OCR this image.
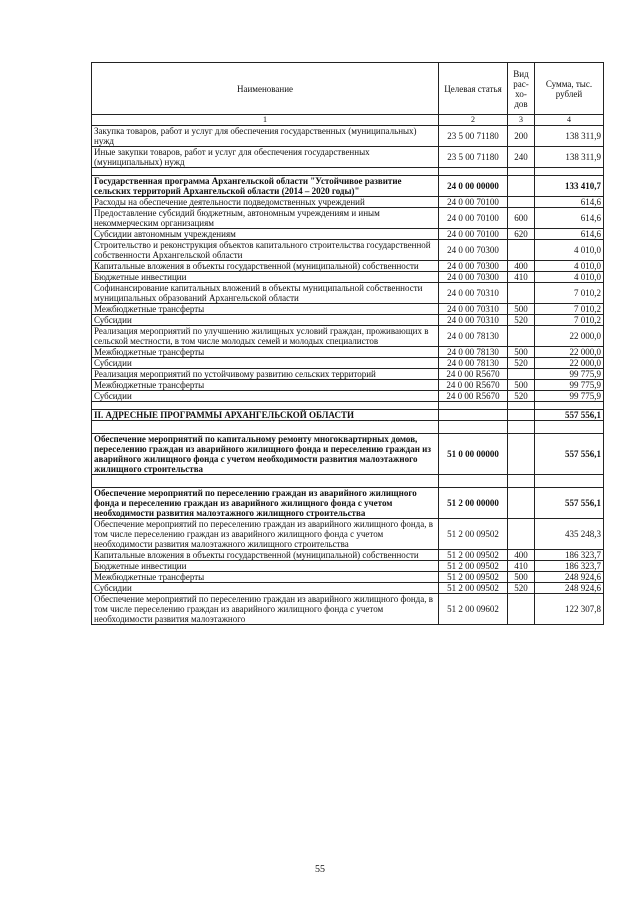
Наименование	Целевая статья	Вид рас- хо- дов	Сумма, тыс. рублей
1	2	3	4
Закупка товаров, работ и услуг для обеспечения государственных (муниципальных) нужд	23 5 00 71180	200	138 311,9
Иные закупки товаров, работ и услуг для обеспечения государственных (муниципальных) нужд	23 5 00 71180	240	138 311,9

Государственная программа Архангельской области "Устойчивое развитие сельских территорий Архангельской области (2014 – 2020 годы)"	24 0 00 00000		133 410,7
Расходы на обеспечение деятельности подведомственных учреждений	24 0 00 70100		614,6
Предоставление субсидий бюджетным, автономным учреждениям и иным некоммерческим организациям	24 0 00 70100	600	614,6
Субсидии автономным учреждениям	24 0 00 70100	620	614,6
Строительство и реконструкция объектов капитального строительства государственной собственности Архангельской области	24 0 00 70300		4 010,0
Капитальные вложения в объекты государственной (муниципальной) собственности	24 0 00 70300	400	4 010,0
Бюджетные инвестиции	24 0 00 70300	410	4 010,0
Софинансирование капитальных вложений в объекты муниципальной собственности муниципальных образований Архангельской области	24 0 00 70310		7 010,2
Межбюджетные трансферты	24 0 00 70310	500	7 010,2
Субсидии	24 0 00 70310	520	7 010,2
Реализация мероприятий по улучшению жилищных условий граждан, проживающих в сельской местности, в том числе молодых семей и молодых специалистов	24 0 00 78130		22 000,0
Межбюджетные трансферты	24 0 00 78130	500	22 000,0
Субсидии	24 0 00 78130	520	22 000,0
Реализация мероприятий по устойчивому развитию сельских территорий	24 0 00 R5670		99 775,9
Межбюджетные трансферты	24 0 00 R5670	500	99 775,9
Субсидии	24 0 00 R5670	520	99 775,9

II. АДРЕСНЫЕ ПРОГРАММЫ АРХАНГЕЛЬСКОЙ ОБЛАСТИ			557 556,1

Обеспечение мероприятий по капитальному ремонту многоквартирных домов, переселению граждан из аварийного жилищного фонда и переселению граждан из аварийного жилищного фонда с учетом необходимости развития малоэтажного жилищного строительства	51 0 00 00000		557 556,1

Обеспечение мероприятий по переселению граждан из аварийного жилищного фонда и переселению граждан из аварийного жилищного фонда с учетом необходимости развития малоэтажного жилищного строительства	51 2 00 00000		557 556,1
Обеспечение мероприятий по переселению граждан из аварийного жилищного фонда, в том числе переселению граждан из аварийного жилищного фонда с учетом необходимости развития малоэтажного жилищного строительства	51 2 00 09502		435 248,3
Капитальные вложения в объекты государственной (муниципальной) собственности	51 2 00 09502	400	186 323,7
Бюджетные инвестиции	51 2 00 09502	410	186 323,7
Межбюджетные трансферты	51 2 00 09502	500	248 924,6
Субсидии	51 2 00 09502	520	248 924,6
Обеспечение мероприятий по переселению граждан из аварийного жилищного фонда, в том числе переселению граждан из аварийного жилищного фонда с учетом необходимости развития малоэтажного	51 2 00 09602		122 307,8
55
